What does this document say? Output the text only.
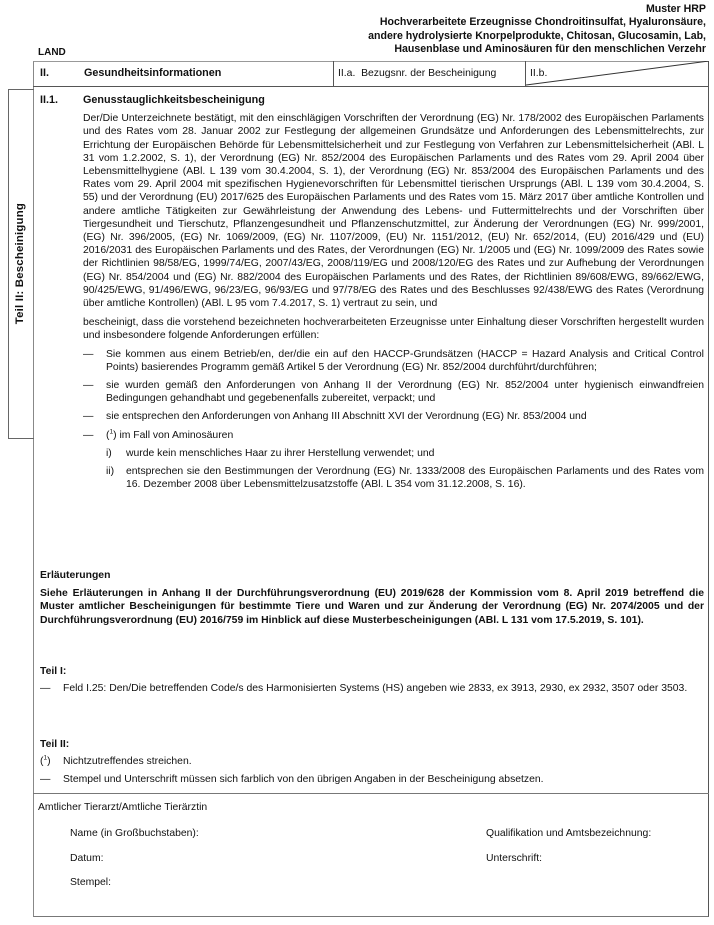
Muster HRP
Hochverarbeitete Erzeugnisse Chondroitinsulfat, Hyaluronsäure,
andere hydrolysierte Knorpelprodukte, Chitosan, Glucosamin, Lab,
Hausenblase und Aminosäuren für den menschlichen Verzehr
LAND
II.	Gesundheitsinformationen	II.a.  Bezugsnr. der Bescheinigung	II.b.
Teil II: Bescheinigung
II.1. Genusstauglichkeitsbescheinigung

Der/Die Unterzeichnete bestätigt, mit den einschlägigen Vorschriften der Verordnung (EG) Nr. 178/2002 des Europäischen Parlaments und des Rates vom 28. Januar 2002 zur Festlegung der allgemeinen Grundsätze und Anforderungen des Lebensmittelrechts, zur Errichtung der Europäischen Behörde für Lebensmittelsicherheit und zur Festlegung von Verfahren zur Lebensmittelsicherheit (ABl. L 31 vom 1.2.2002, S. 1), der Verordnung (EG) Nr. 852/2004 des Europäischen Parlaments und des Rates vom 29. April 2004 über Lebensmittelhygiene (ABl. L 139 vom 30.4.2004, S. 1), der Verordnung (EG) Nr. 853/2004 des Europäischen Parlaments und des Rates vom 29. April 2004 mit spezifischen Hygienevorschriften für Lebensmittel tierischen Ursprungs (ABl. L 139 vom 30.4.2004, S. 55) und der Verordnung (EU) 2017/625 des Europäischen Parlaments und des Rates vom 15. März 2017 über amtliche Kontrollen und andere amtliche Tätigkeiten zur Gewährleistung der Anwendung des Lebens- und Futtermittelrechts und der Vorschriften über Tiergesundheit und Tierschutz, Pflanzengesundheit und Pflanzenschutzmittel, zur Änderung der Verordnungen (EG) Nr. 999/2001, (EG) Nr. 396/2005, (EG) Nr. 1069/2009, (EG) Nr. 1107/2009, (EU) Nr. 1151/2012, (EU) Nr. 652/2014, (EU) 2016/429 und (EU) 2016/2031 des Europäischen Parlaments und des Rates, der Verordnungen (EG) Nr. 1/2005 und (EG) Nr. 1099/2009 des Rates sowie der Richtlinien 98/58/EG, 1999/74/EG, 2007/43/EG, 2008/119/EG und 2008/120/EG des Rates und zur Aufhebung der Verordnungen (EG) Nr. 854/2004 und (EG) Nr. 882/2004 des Europäischen Parlaments und des Rates, der Richtlinien 89/608/EWG, 89/662/EWG, 90/425/EWG, 91/496/EWG, 96/23/EG, 96/93/EG und 97/78/EG des Rates und des Beschlusses 92/438/EWG des Rates (Verordnung über amtliche Kontrollen) (ABl. L 95 vom 7.4.2017, S. 1) vertraut zu sein, und

bescheinigt, dass die vorstehend bezeichneten hochverarbeiteten Erzeugnisse unter Einhaltung dieser Vorschriften hergestellt wurden und insbesondere folgende Anforderungen erfüllen:

—	Sie kommen aus einem Betrieb/en, der/die ein auf den HACCP-Grundsätzen (HACCP = Hazard Analysis and Critical Control Points) basierendes Programm gemäß Artikel 5 der Verordnung (EG) Nr. 852/2004 durchführt/durchführen;
—	sie wurden gemäß den Anforderungen von Anhang II der Verordnung (EG) Nr. 852/2004 unter hygienisch einwandfreien Bedingungen gehandhabt und gegebenenfalls zubereitet, verpackt; und
—	sie entsprechen den Anforderungen von Anhang III Abschnitt XVI der Verordnung (EG) Nr. 853/2004 und
—	($^1$) im Fall von Aminosäuren
i)	wurde kein menschliches Haar zu ihrer Herstellung verwendet; und
ii)	entsprechen sie den Bestimmungen der Verordnung (EG) Nr. 1333/2008 des Europäischen Parlaments und des Rates vom 16. Dezember 2008 über Lebensmittelzusatzstoffe (ABl. L 354 vom 31.12.2008, S. 16).
Erläuterungen

Siehe Erläuterungen in Anhang II der Durchführungsverordnung (EU) 2019/628 der Kommission vom 8. April 2019 betreffend die Muster amtlicher Bescheinigungen für bestimmte Tiere und Waren und zur Änderung der Verordnung (EG) Nr. 2074/2005 und der Durchführungsverordnung (EU) 2016/759 im Hinblick auf diese Musterbescheinigungen (ABl. L 131 vom 17.5.2019, S. 101).

Teil I:
—	Feld I.25: Den/Die betreffenden Code/s des Harmonisierten Systems (HS) angeben wie 2833, ex 3913, 2930, ex 2932, 3507 oder 3503.
Teil II:
($^1$)	Nichtzutreffendes streichen.
—	Stempel und Unterschrift müssen sich farblich von den übrigen Angaben in der Bescheinigung absetzen.
Amtlicher Tierarzt/Amtliche Tierärztin
Name (in Großbuchstaben):	Qualifikation und Amtsbezeichnung:
Datum:	Unterschrift:
Stempel:
